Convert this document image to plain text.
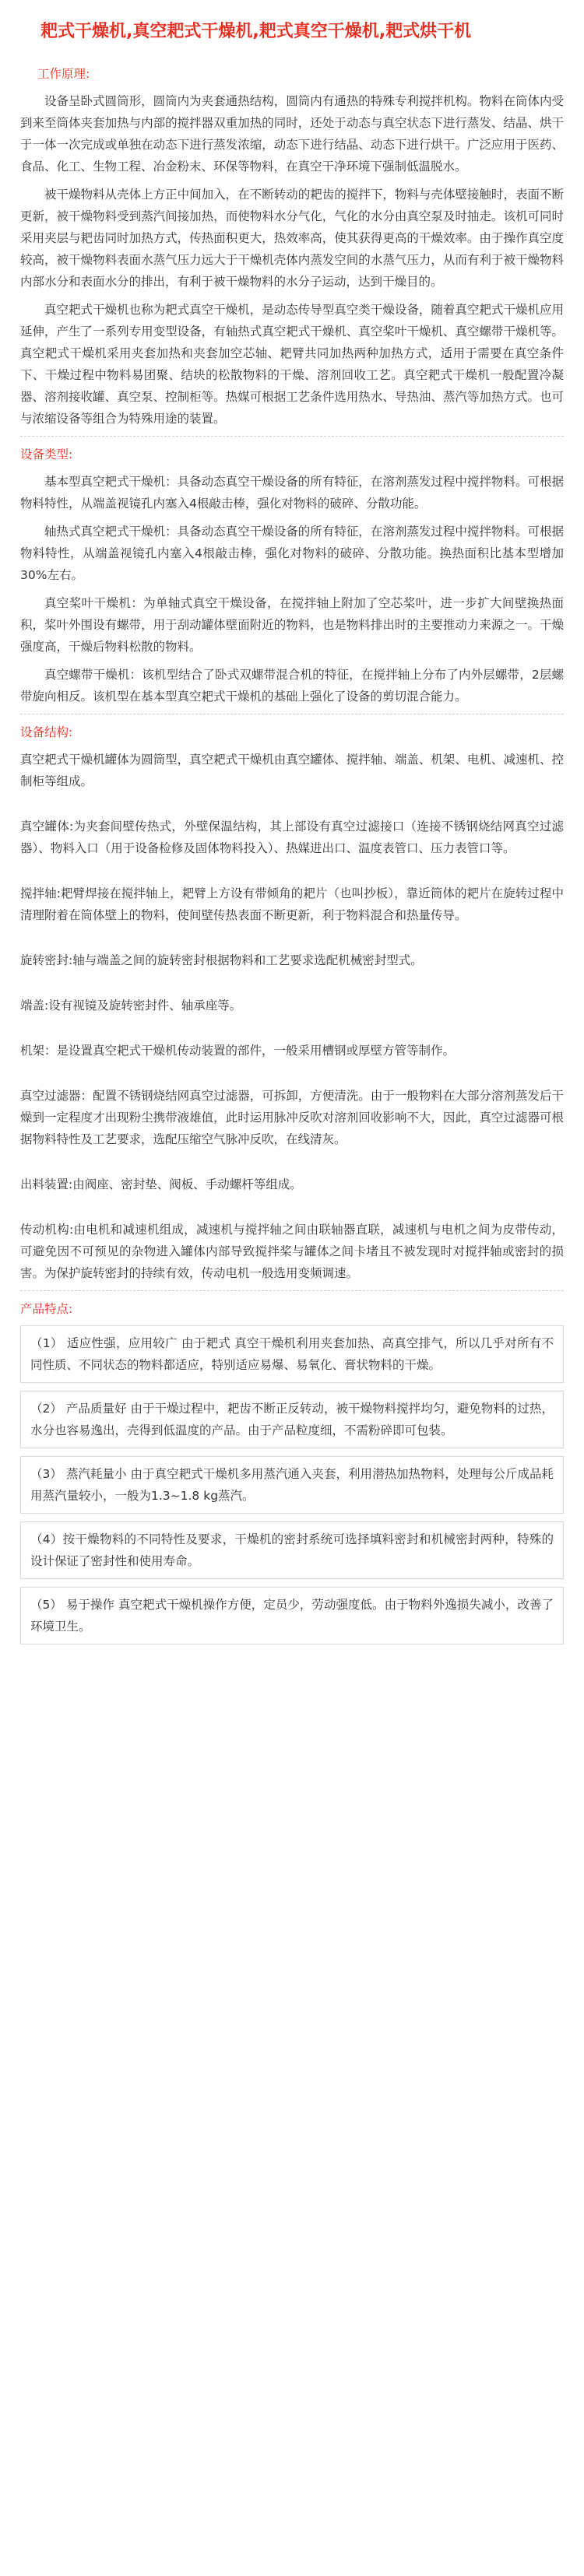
耙式干燥机,真空耙式干燥机,耙式真空干燥机,耙式烘干机
工作原理:

设备呈卧式圆筒形，圆筒内为夹套通热结构，圆筒内有通热的特殊专利搅拌机构。物料在筒体内受到来至筒体夹套加热与内部的搅拌器双重加热的同时，还处于动态与真空状态下进行蒸发、结晶、烘干于一体一次完成或单独在动态下进行蒸发浓缩，动态下进行结晶、动态下进行烘干。广泛应用于医药、食品、化工、生物工程、冶金粉末、环保等物料，在真空干净环境下强制低温脱水。

被干燥物料从壳体上方正中间加入，在不断转动的耙齿的搅拌下，物料与壳体壁接触时，表面不断更新，被干燥物料受到蒸汽间接加热，而使物料水分气化，气化的水分由真空泵及时抽走。该机可同时采用夹层与耙齿同时加热方式，传热面积更大，热效率高，使其获得更高的干燥效率。由于操作真空度较高，被干燥物料表面水蒸气压力远大于干燥机壳体内蒸发空间的水蒸气压力，从而有利于被干燥物料内部水分和表面水分的排出，有利于被干燥物料的水分子运动，达到干燥目的。

真空耙式干燥机也称为耙式真空干燥机，是动态传导型真空类干燥设备，随着真空耙式干燥机应用延伸，产生了一系列专用变型设备，有轴热式真空耙式干燥机、真空桨叶干燥机、真空螺带干燥机等。真空耙式干燥机采用夹套加热和夹套加空芯轴、耙臂共同加热两种加热方式，适用于需要在真空条件下、干燥过程中物料易团聚、结块的松散物料的干燥、溶剂回收工艺。真空耙式干燥机一般配置冷凝器、溶剂接收罐、真空泵、控制柜等。热媒可根据工艺条件选用热水、导热油、蒸汽等加热方式。也可与浓缩设备等组合为特殊用途的装置。

设备类型:

基本型真空耙式干燥机：具备动态真空干燥设备的所有特征，在溶剂蒸发过程中搅拌物料。可根据物料特性，从端盖视镜孔内塞入4根敲击棒，强化对物料的破碎、分散功能。

轴热式真空耙式干燥机：具备动态真空干燥设备的所有特征，在溶剂蒸发过程中搅拌物料。可根据物料特性，从端盖视镜孔内塞入4根敲击棒，强化对物料的破碎、分散功能。换热面积比基本型增加30%左右。

真空桨叶干燥机：为单轴式真空干燥设备，在搅拌轴上附加了空芯桨叶，进一步扩大间壁换热面积，桨叶外围设有螺带，用于刮动罐体壁面附近的物料，也是物料排出时的主要推动力来源之一。干燥强度高，干燥后物料松散的物料。

真空螺带干燥机：该机型结合了卧式双螺带混合机的特征，在搅拌轴上分布了内外层螺带，2层螺带旋向相反。该机型在基本型真空耙式干燥机的基础上强化了设备的剪切混合能力。

设备结构:

真空耙式干燥机罐体为圆筒型，真空耙式干燥机由真空罐体、搅拌轴、端盖、机架、电机、减速机、控制柜等组成。

真空罐体:为夹套间壁传热式，外壁保温结构，其上部设有真空过滤接口（连接不锈钢烧结网真空过滤器）、物料入口（用于设备检修及固体物料投入）、热媒进出口、温度表管口、压力表管口等。

搅拌轴:耙臂焊接在搅拌轴上，耙臂上方设有带倾角的耙片（也叫抄板），靠近筒体的耙片在旋转过程中清理附着在筒体壁上的物料，使间壁传热表面不断更新，利于物料混合和热量传导。

旋转密封:轴与端盖之间的旋转密封根据物料和工艺要求选配机械密封型式。

端盖:设有视镜及旋转密封件、轴承座等。

机架：是设置真空耙式干燥机传动装置的部件，一般采用槽钢或厚壁方管等制作。

真空过滤器：配置不锈钢烧结网真空过滤器，可拆卸，方便清洗。由于一般物料在大部分溶剂蒸发后干燥到一定程度才出现粉尘携带液雄值，此时运用脉冲反吹对溶剂回收影响不大，因此，真空过滤器可根据物料特性及工艺要求，选配压缩空气脉冲反吹，在线清灰。

出料装置:由阀座、密封垫、阀板、手动螺杆等组成。

传动机构:由电机和减速机组成，减速机与搅拌轴之间由联轴器直联，减速机与电机之间为皮带传动，可避免因不可预见的杂物进入罐体内部导致搅拌桨与罐体之间卡堵且不被发现时对搅拌轴或密封的损害。为保护旋转密封的持续有效，传动电机一般选用变频调速。

产品特点:

（1） 适应性强，应用较广 由于耙式 真空干燥机利用夹套加热、高真空排气，所以几乎对所有不同性质、不同状态的物料都适应，特别适应易爆、易氧化、膏状物料的干燥。

（2） 产品质量好 由于干燥过程中，耙齿不断正反转动，被干燥物料搅拌均匀，避免物料的过热，水分也容易逸出，壳得到低温度的产品。由于产品粒度细，不需粉碎即可包装。

（3） 蒸汽耗量小 由于真空耙式干燥机多用蒸汽通入夹套，利用潜热加热物料，处理每公斤成品耗用蒸汽量较小，一般为1.3~1.8 kg蒸汽。

（4）按干燥物料的不同特性及要求，干燥机的密封系统可选择填料密封和机械密封两种，特殊的设计保证了密封性和使用寿命。

（5） 易于操作 真空耙式干燥机操作方便，定员少，劳动强度低。由于物料外逸损失减小，改善了环境卫生。
